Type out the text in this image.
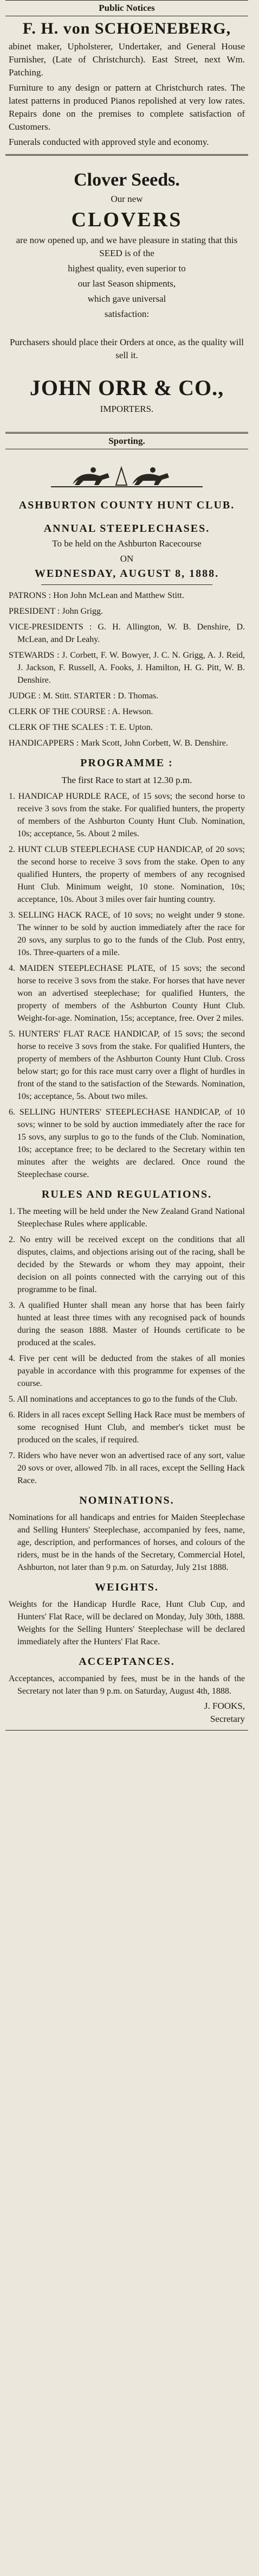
Public Notices
F. H. von SCHOENEBERG,

abinet maker, Upholsterer, Undertaker, and General House Furnisher, (Late of Christchurch). East Street, next Wm. Patching.

Furniture to any design or pattern at Christchurch rates. The latest patterns in produced Pianos repolished at very low rates. Repairs done on the premises to complete satisfaction of Customers.

Funerals conducted with approved style and economy.

Clover Seeds.

Our new

CLOVERS

are now opened up, and we have pleasure in stating that this SEED is of the

highest quality, even superior to

our last Season shipments,

which gave universal

satisfaction:

Purchasers should place their Orders at once, as the quality will sell it.

JOHN ORR & CO.,

IMPORTERS.

Sporting.
ASHBURTON COUNTY HUNT CLUB.
ANNUAL STEEPLECHASES.

To be held on the Ashburton Racecourse

ON

WEDNESDAY, AUGUST 8, 1888.

PATRONS : Hon John McLean and Matthew Stitt.

PRESIDENT : John Grigg.

VICE-PRESIDENTS : G. H. Allington, W. B. Denshire, D. McLean, and Dr Leahy.

STEWARDS : J. Corbett, F. W. Bowyer, J. C. N. Grigg, A. J. Reid, J. Jackson, F. Russell, A. Fooks, J. Hamilton, H. G. Pitt, W. B. Denshire.

JUDGE : M. Stitt. STARTER : D. Thomas.

CLERK OF THE COURSE : A. Hewson.

CLERK OF THE SCALES : T. E. Upton.

HANDICAPPERS : Mark Scott, John Corbett, W. B. Denshire.

PROGRAMME :

The first Race to start at 12.30 p.m.

1. HANDICAP HURDLE RACE, of 15 sovs; the second horse to receive 3 sovs from the stake. For qualified hunters, the property of members of the Ashburton County Hunt Club. Nomination, 10s; acceptance, 5s. About 2 miles.

2. HUNT CLUB STEEPLECHASE CUP HANDICAP, of 20 sovs; the second horse to receive 3 sovs from the stake. Open to any qualified Hunters, the property of members of any recognised Hunt Club. Minimum weight, 10 stone. Nomination, 10s; acceptance, 10s. About 3 miles over fair hunting country.

3. SELLING HACK RACE, of 10 sovs; no weight under 9 stone. The winner to be sold by auction immediately after the race for 20 sovs, any surplus to go to the funds of the Club. Post entry, 10s. Three-quarters of a mile.

4. MAIDEN STEEPLECHASE PLATE, of 15 sovs; the second horse to receive 3 sovs from the stake. For horses that have never won an advertised steeplechase; for qualified Hunters, the property of members of the Ashburton County Hunt Club. Weight-for-age. Nomination, 15s; acceptance, free. Over 2 miles.

5. HUNTERS' FLAT RACE HANDICAP, of 15 sovs; the second horse to receive 3 sovs from the stake. For qualified Hunters, the property of members of the Ashburton County Hunt Club. Cross below start; go for this race must carry over a flight of hurdles in front of the stand to the satisfaction of the Stewards. Nomination, 10s; acceptance, 5s. About two miles.

6. SELLING HUNTERS' STEEPLECHASE HANDICAP, of 10 sovs; winner to be sold by auction immediately after the race for 15 sovs, any surplus to go to the funds of the Club. Nomination, 10s; acceptance free; to be declared to the Secretary within ten minutes after the weights are declared. Once round the Steeplechase course.

RULES AND REGULATIONS.

1. The meeting will be held under the New Zealand Grand National Steeplechase Rules where applicable.

2. No entry will be received except on the conditions that all disputes, claims, and objections arising out of the racing, shall be decided by the Stewards or whom they may appoint, their decision on all points connected with the carrying out of this programme to be final.

3. A qualified Hunter shall mean any horse that has been fairly hunted at least three times with any recognised pack of hounds during the season 1888. Master of Hounds certificate to be produced at the scales.

4. Five per cent will be deducted from the stakes of all monies payable in accordance with this programme for expenses of the course.

5. All nominations and acceptances to go to the funds of the Club.

6. Riders in all races except Selling Hack Race must be members of some recognised Hunt Club, and member's ticket must be produced on the scales, if required.

7. Riders who have never won an advertised race of any sort, value 20 sovs or over, allowed 7lb. in all races, except the Selling Hack Race.

NOMINATIONS.

Nominations for all handicaps and entries for Maiden Steeplechase and Selling Hunters' Steeplechase, accompanied by fees, name, age, description, and performances of horses, and colours of the riders, must be in the hands of the Secretary, Commercial Hotel, Ashburton, not later than 9 p.m. on Saturday, July 21st 1888.

WEIGHTS.

Weights for the Handicap Hurdle Race, Hunt Club Cup, and Hunters' Flat Race, will be declared on Monday, July 30th, 1888. Weights for the Selling Hunters' Steeplechase will be declared immediately after the Hunters' Flat Race.

ACCEPTANCES.

Acceptances, accompanied by fees, must be in the hands of the Secretary not later than 9 p.m. on Saturday, August 4th, 1888.

J. FOOKS,

Secretary
